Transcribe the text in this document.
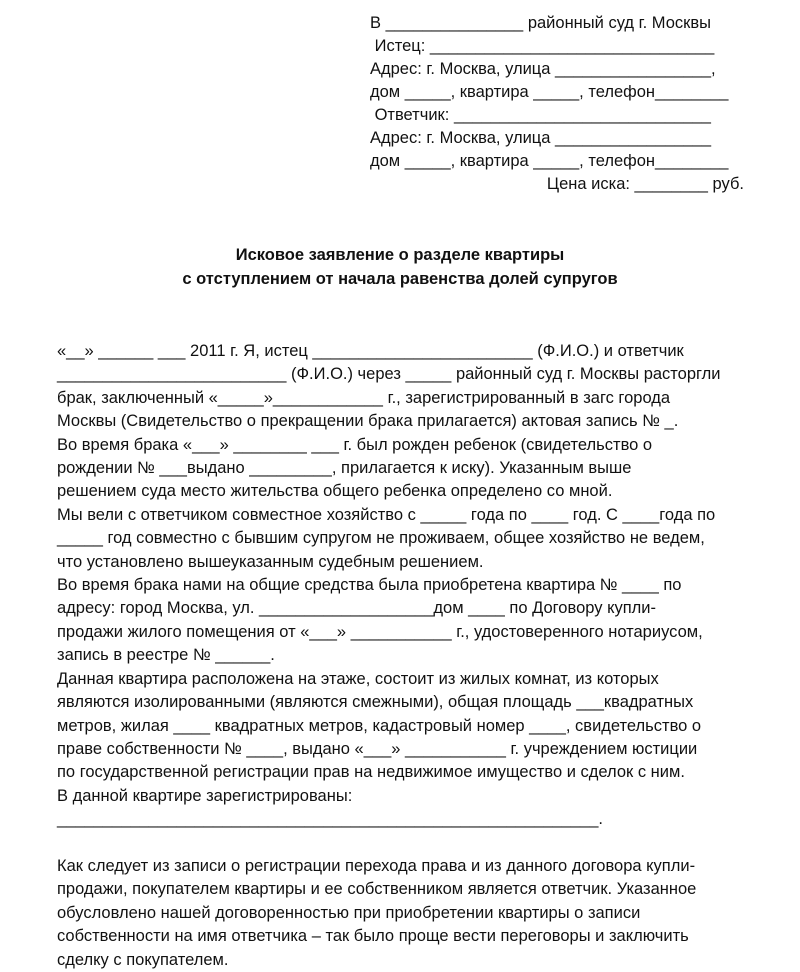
В _______________ районный суд г. Москвы
Истец: _______________________________
Адрес: г. Москва, улица _________________,
дом _____, квартира _____, телефон________
Ответчик: ____________________________
Адрес: г. Москва, улица _________________
дом _____, квартира _____, телефон________
Цена иска: ________ руб.
Исковое заявление о разделе квартиры
с отступлением от начала равенства долей супругов
«__» ______ ___ 2011 г. Я, истец ________________________ (Ф.И.О.) и ответчик
_________________________ (Ф.И.О.) через _____ районный суд г. Москвы расторгли
брак, заключенный «_____»____________ г., зарегистрированный в загс города
Москвы (Свидетельство о прекращении брака прилагается) актовая запись № _.
Во время брака «___» ________ ___ г. был рожден ребенок (свидетельство о
рождении № ___выдано _________, прилагается к иску). Указанным выше
решением суда место жительства общего ребенка определено со мной.
Мы вели с ответчиком совместное хозяйство с _____ года по ____ год. С ____года по
_____ год совместно с бывшим супругом не проживаем, общее хозяйство не ведем,
что установлено вышеуказанным судебным решением.
Во время брака нами на общие средства была приобретена квартира № ____ по
адресу: город Москва, ул. ___________________дом ____ по Договору купли-
продажи жилого помещения от «___» ___________ г., удостоверенного нотариусом,
запись в реестре № ______.
Данная квартира расположена на этаже, состоит из жилых комнат, из которых
являются изолированными (являются смежными), общая площадь ___квадратных
метров, жилая ____ квадратных метров, кадастровый номер ____, свидетельство о
праве собственности № ____, выдано «___» ___________ г. учреждением юстиции
по государственной регистрации прав на недвижимое имущество и сделок с ним.
В данной квартире зарегистрированы:
___________________________________________________________.
Как следует из записи о регистрации перехода права и из данного договора купли-
продажи, покупателем квартиры и ее собственником является ответчик. Указанное
обусловлено нашей договоренностью при приобретении квартиры о записи
собственности на имя ответчика – так было проще вести переговоры и заключить
сделку с покупателем.
